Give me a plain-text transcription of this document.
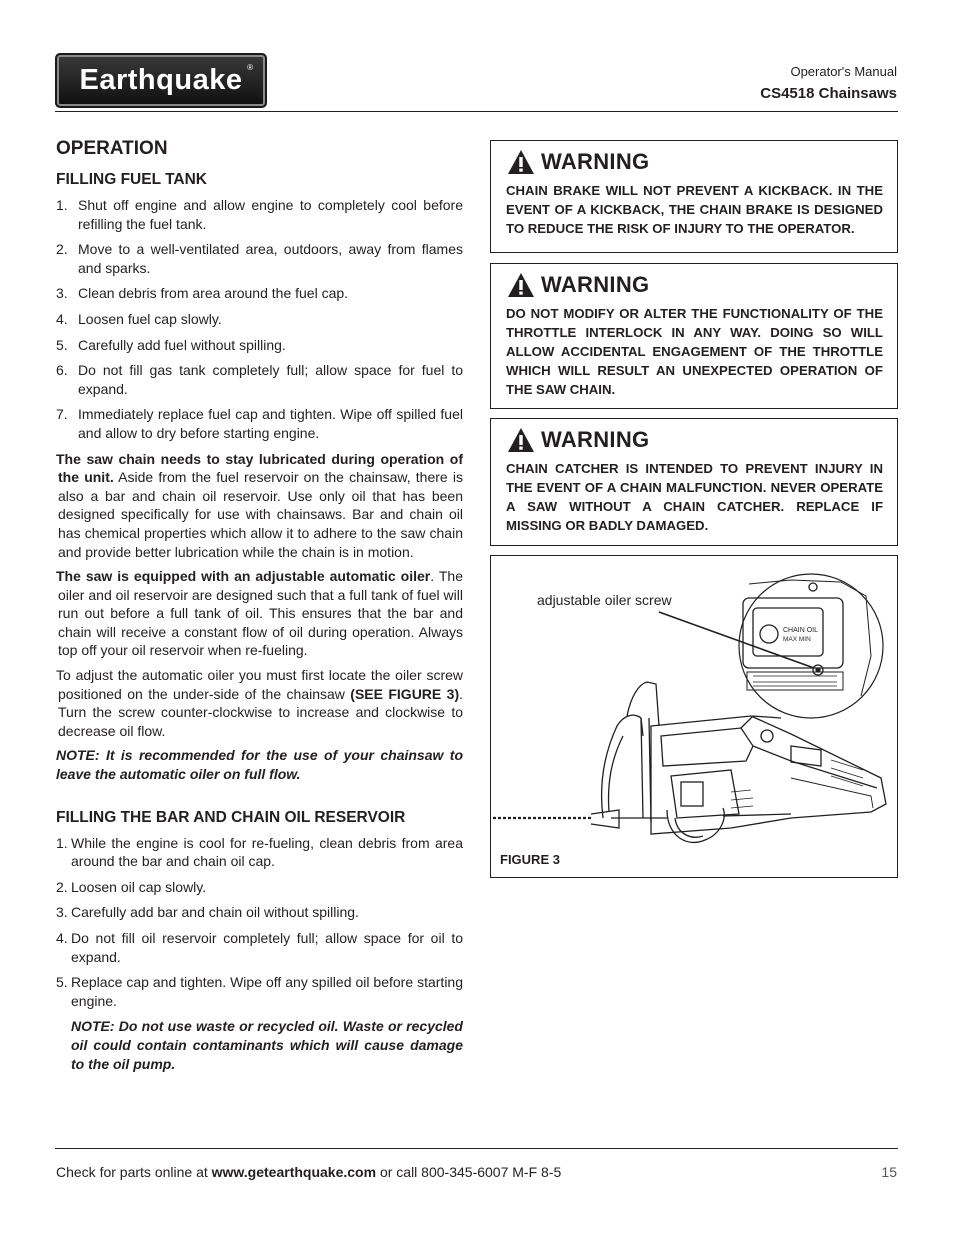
Earthquake ®	Operator's Manual
CS4518 Chainsaws
OPERATION
FILLING FUEL TANK
1. Shut off engine and allow engine to completely cool before refilling the fuel tank.
2. Move to a well-ventilated area, outdoors, away from flames and sparks.
3. Clean debris from area around the fuel cap.
4. Loosen fuel cap slowly.
5. Carefully add fuel without spilling.
6. Do not fill gas tank completely full; allow space for fuel to expand.
7. Immediately replace fuel cap and tighten. Wipe off spilled fuel and allow to dry before starting engine.

The saw chain needs to stay lubricated during operation of the unit. Aside from the fuel reservoir on the chainsaw, there is also a bar and chain oil reservoir. Use only oil that has been designed specifically for use with chainsaws. Bar and chain oil has chemical properties which allow it to adhere to the saw chain and provide better lubrication while the chain is in motion.

The saw is equipped with an adjustable automatic oiler. The oiler and oil reservoir are designed such that a full tank of fuel will run out before a full tank of oil. This ensures that the bar and chain will receive a constant flow of oil during operation. Always top off your oil reservoir when re-fueling.

To adjust the automatic oiler you must first locate the oiler screw positioned on the under-side of the chainsaw (SEE FIGURE 3). Turn the screw counter-clockwise to increase and clockwise to decrease oil flow.

NOTE: It is recommended for the use of your chainsaw to leave the automatic oiler on full flow.

FILLING THE BAR AND CHAIN OIL RESERVOIR
1. While the engine is cool for re-fueling, clean debris from area around the bar and chain oil cap.
2. Loosen oil cap slowly.
3. Carefully add bar and chain oil without spilling.
4. Do not fill oil reservoir completely full; allow space for oil to expand.
5. Replace cap and tighten. Wipe off any spilled oil before starting engine.

NOTE: Do not use waste or recycled oil. Waste or recycled oil could contain contaminants which will cause damage to the oil pump.

WARNING
CHAIN BRAKE WILL NOT PREVENT A KICKBACK. IN THE EVENT OF A KICKBACK, THE CHAIN BRAKE IS DESIGNED TO REDUCE THE RISK OF INJURY TO THE OPERATOR.
WARNING
DO NOT MODIFY OR ALTER THE FUNCTIONALITY OF THE THROTTLE INTERLOCK IN ANY WAY. DOING SO WILL ALLOW ACCIDENTAL ENGAGEMENT OF THE THROTTLE WHICH WILL RESULT AN UNEXPECTED OPERATION OF THE SAW CHAIN.
WARNING
CHAIN CATCHER IS INTENDED TO PREVENT INJURY IN THE EVENT OF A CHAIN MALFUNCTION. NEVER OPERATE A SAW WITHOUT A CHAIN CATCHER. REPLACE IF MISSING OR BADLY DAMAGED.
adjustable oiler screw
CHAIN OIL
MAX MIN
FIGURE 3
Check for parts online at www.getearthquake.com or call 800-345-6007 M-F 8-5	15
